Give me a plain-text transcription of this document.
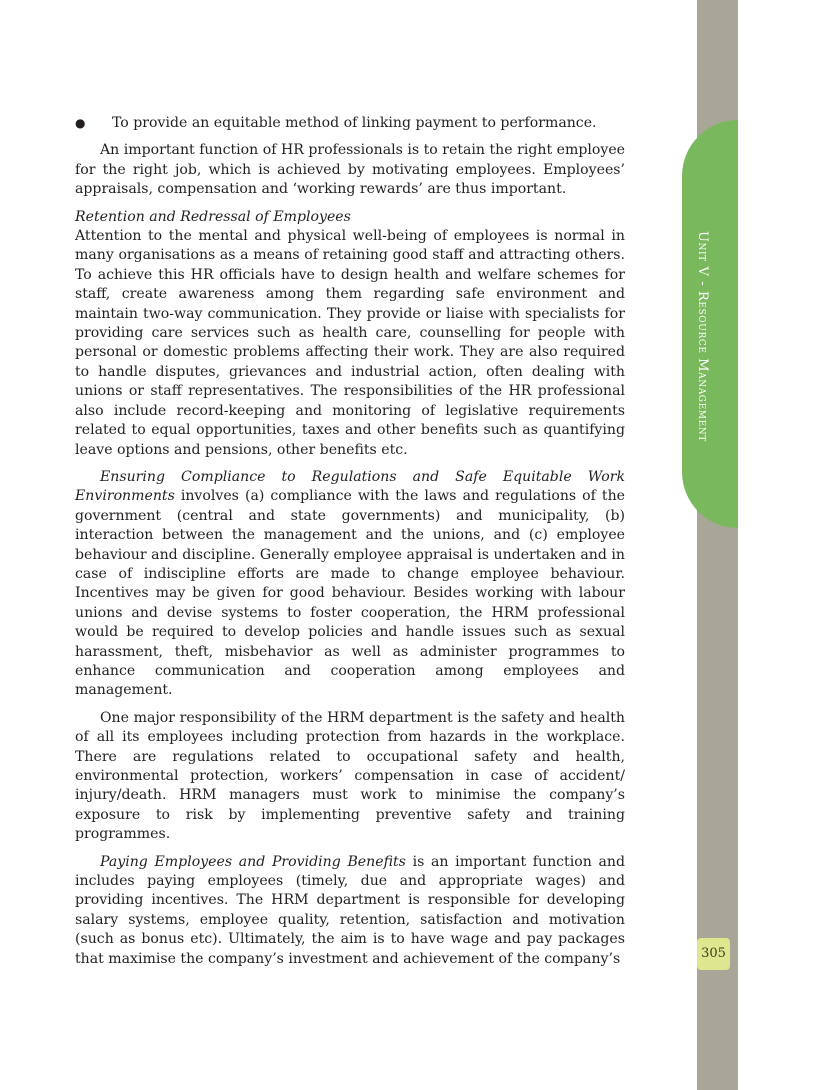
Unit V - Resource Management
305
●	To provide an equitable method of linking payment to performance.

An important function of HR professionals is to retain the right employee for the right job, which is achieved by motivating employees. Employees’ appraisals, compensation and ‘working rewards’ are thus important.

Retention and Redressal of Employees

Attention to the mental and physical well-being of employees is normal in many organisations as a means of retaining good staff and attracting others. To achieve this HR officials have to design health and welfare schemes for staff, create awareness among them regarding safe environment and maintain two-way communication. They provide or liaise with specialists for providing care services such as health care, counselling for people with personal or domestic problems affecting their work. They are also required to handle disputes, grievances and industrial action, often dealing with unions or staff representatives. The responsibilities of the HR professional also include record-keeping and monitoring of legislative requirements related to equal opportunities, taxes and other benefits such as quantifying leave options and pensions, other benefits etc.

Ensuring Compliance to Regulations and Safe Equitable Work Environments involves (a) compliance with the laws and regulations of the government (central and state governments) and municipality, (b) interaction between the management and the unions, and (c) employee behaviour and discipline. Generally employee appraisal is undertaken and in case of indiscipline efforts are made to change employee behaviour. Incentives may be given for good behaviour. Besides working with labour unions and devise systems to foster cooperation, the HRM professional would be required to develop policies and handle issues such as sexual harassment, theft, misbehavior as well as administer programmes to enhance communication and cooperation among employees and management.

One major responsibility of the HRM department is the safety and health of all its employees including protection from hazards in the workplace. There are regulations related to occupational safety and health, environmental protection, workers’ compensation in case of accident/ injury/death. HRM managers must work to minimise the company’s exposure to risk by implementing preventive safety and training programmes.

Paying Employees and Providing Benefits is an important function and includes paying employees (timely, due and appropriate wages) and providing incentives. The HRM department is responsible for developing salary systems, employee quality, retention, satisfaction and motivation (such as bonus etc). Ultimately, the aim is to have wage and pay packages that maximise the company’s investment and achievement of the company’s
